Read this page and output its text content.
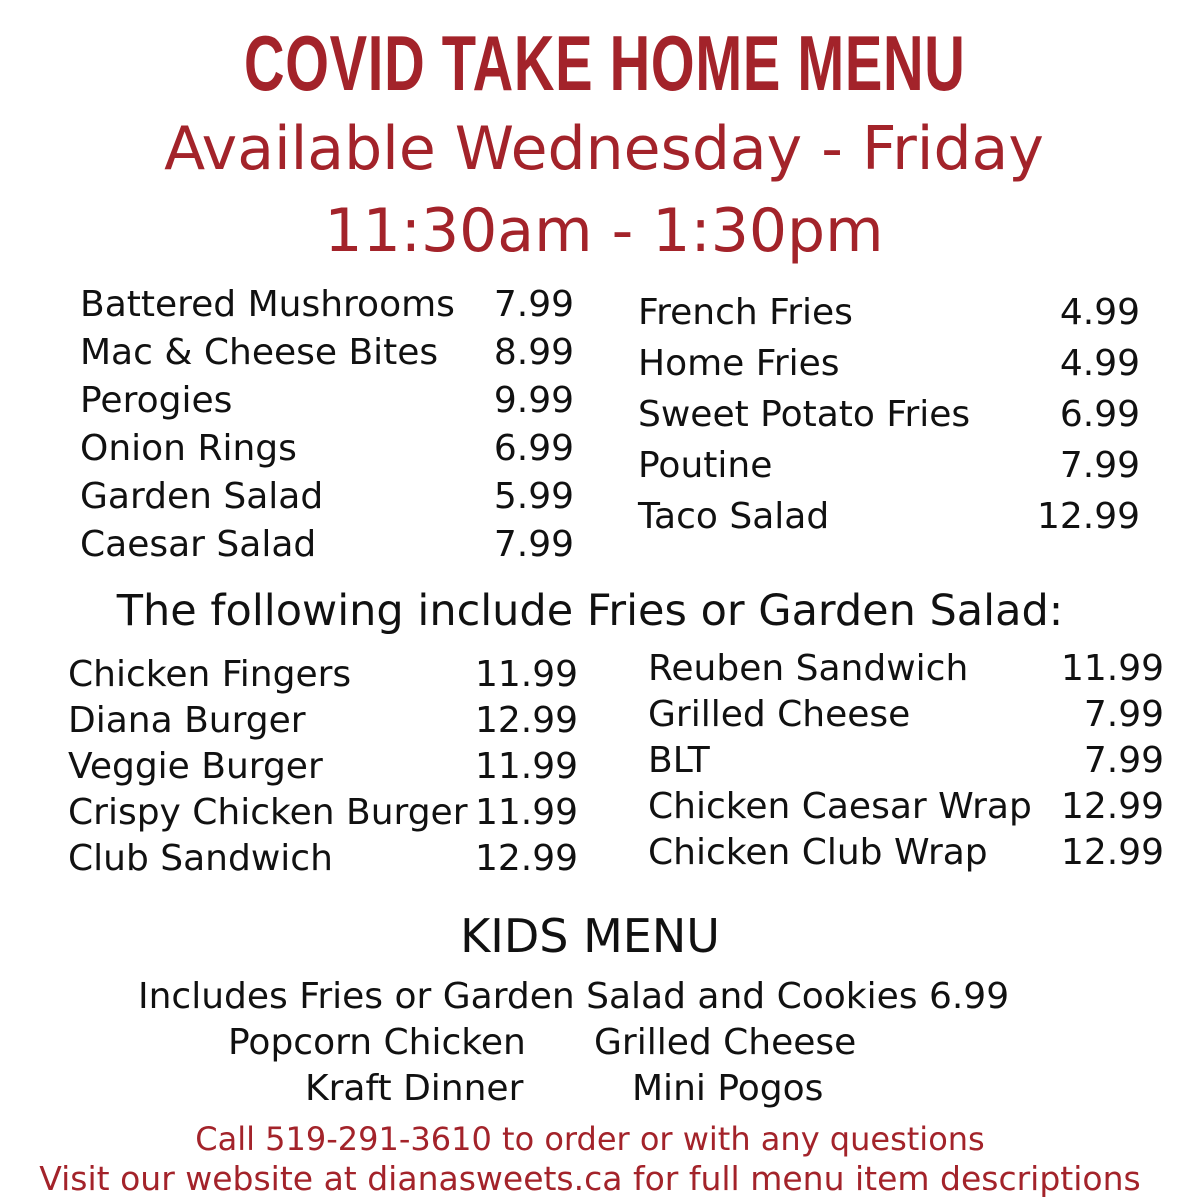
COVID TAKE HOME MENU
Available Wednesday - Friday
11:30am - 1:30pm
Battered Mushrooms 7.99
Mac & Cheese Bites 8.99
Perogies	9.99
Onion Rings	6.99
Garden Salad	5.99
Caesar Salad	7.99
French Fries	4.99
Home Fries	4.99
Sweet Potato Fries 6.99
Poutine	7.99
Taco Salad	12.99
The following include Fries or Garden Salad:
Chicken Fingers	11.99
Diana Burger	12.99
Veggie Burger	11.99
Crispy Chicken Burger 11.99
Club Sandwich	12.99
Reuben Sandwich	11.99
Grilled Cheese	7.99
BLT	7.99
Chicken Caesar Wrap 12.99
Chicken Club Wrap 12.99
KIDS MENU
Includes Fries or Garden Salad and Cookies 6.99
Popcorn Chicken Grilled Cheese
Kraft Dinner	Mini Pogos
Call 519-291-3610 to order or with any questions
Visit our website at dianasweets.ca for full menu item descriptions
